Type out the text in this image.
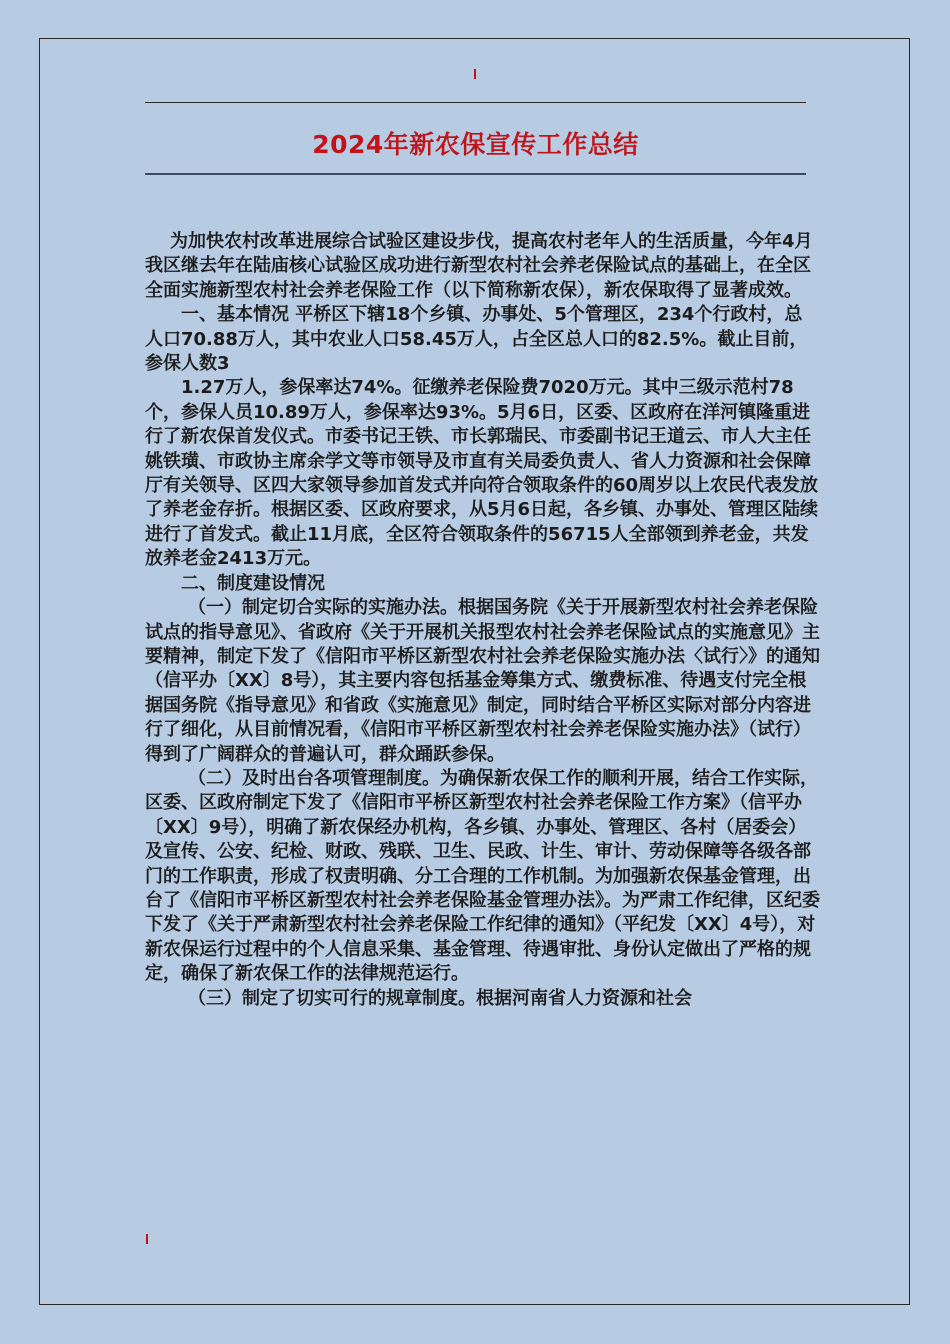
2024年新农保宣传工作总结

为加快农村改革进展综合试验区建设步伐，提高农村老年人的生活质量，今年4月我区继去年在陆庙核心试验区成功进行新型农村社会养老保险试点的基础上，在全区全面实施新型农村社会养老保险工作（以下简称新农保），新农保取得了显著成效。

一、基本情况 平桥区下辖18个乡镇、办事处、5个管理区，234个行政村，总人口70.88万人，其中农业人口58.45万人，占全区总人口的82.5%。截止目前，参保人数3

1.27万人，参保率达74%。征缴养老保险费7020万元。其中三级示范村78个，参保人员10.89万人，参保率达93%。5月6日，区委、区政府在洋河镇隆重进行了新农保首发仪式。市委书记王铁、市长郭瑞民、市委副书记王道云、市人大主任姚铁璜、市政协主席余学文等市领导及市直有关局委负责人、省人力资源和社会保障厅有关领导、区四大家领导参加首发式并向符合领取条件的60周岁以上农民代表发放了养老金存折。根据区委、区政府要求，从5月6日起，各乡镇、办事处、管理区陆续进行了首发式。截止11月底，全区符合领取条件的56715人全部领到养老金，共发放养老金2413万元。

二、制度建设情况

（一）制定切合实际的实施办法。根据国务院《关于开展新型农村社会养老保险试点的指导意见》、省政府《关于开展机关报型农村社会养老保险试点的实施意见》主要精神，制定下发了《信阳市平桥区新型农村社会养老保险实施办法〈试行〉》的通知（信平办〔XX〕8号），其主要内容包括基金筹集方式、缴费标准、待遇支付完全根据国务院《指导意见》和省政《实施意见》制定，同时结合平桥区实际对部分内容进行了细化，从目前情况看，《信阳市平桥区新型农村社会养老保险实施办法》（试行）得到了广阔群众的普遍认可，群众踊跃参保。

（二）及时出台各项管理制度。为确保新农保工作的顺利开展，结合工作实际，区委、区政府制定下发了《信阳市平桥区新型农村社会养老保险工作方案》（信平办〔XX〕9号），明确了新农保经办机构，各乡镇、办事处、管理区、各村（居委会）及宣传、公安、纪检、财政、残联、卫生、民政、计生、审计、劳动保障等各级各部门的工作职责，形成了权责明确、分工合理的工作机制。为加强新农保基金管理，出台了《信阳市平桥区新型农村社会养老保险基金管理办法》。为严肃工作纪律，区纪委下发了《关于严肃新型农村社会养老保险工作纪律的通知》（平纪发〔XX〕4号），对新农保运行过程中的个人信息采集、基金管理、待遇审批、身份认定做出了严格的规定，确保了新农保工作的法律规范运行。

（三）制定了切实可行的规章制度。根据河南省人力资源和社会
